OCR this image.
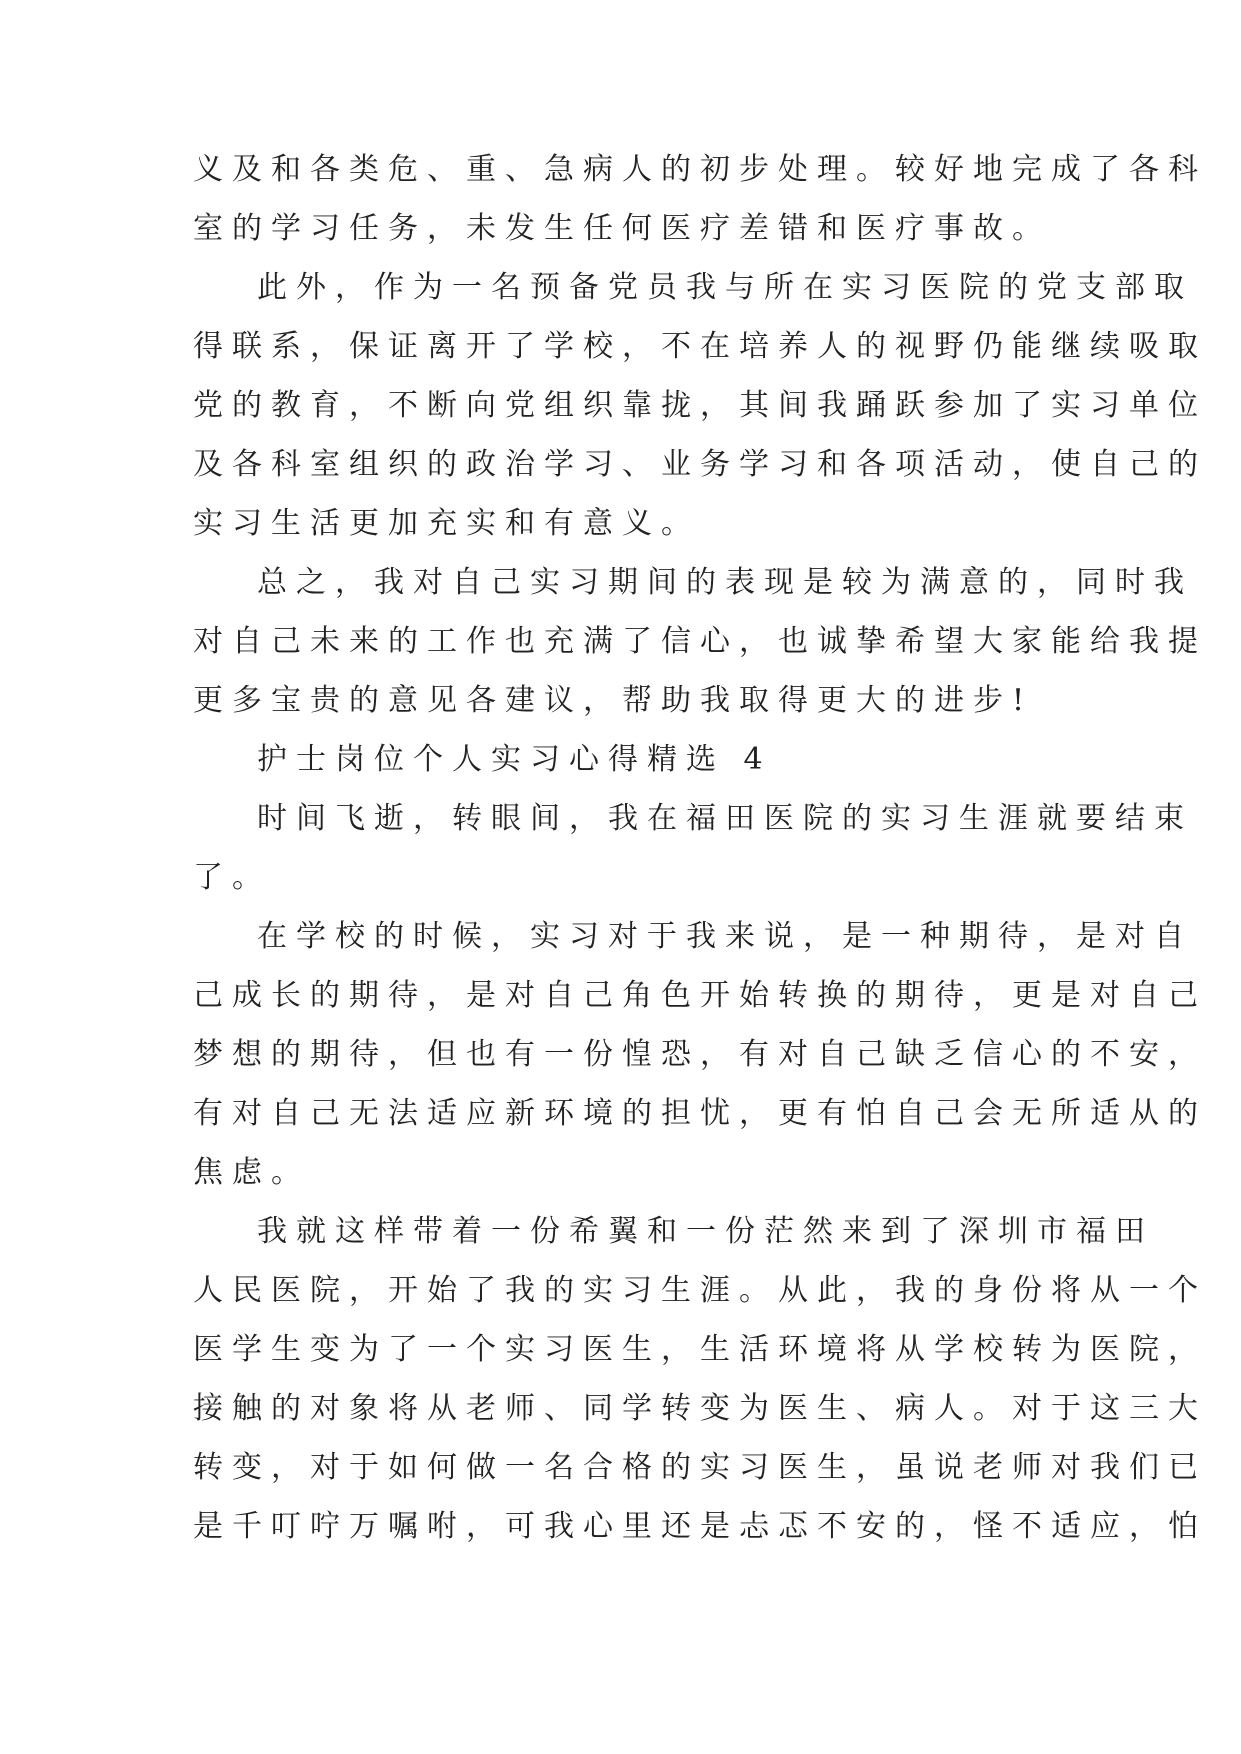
义及和各类危、重、急病人的初步处理。较好地完成了各科
室的学习任务，未发生任何医疗差错和医疗事故。
此外，作为一名预备党员我与所在实习医院的党支部取
得联系，保证离开了学校，不在培养人的视野仍能继续吸取
党的教育，不断向党组织靠拢，其间我踊跃参加了实习单位
及各科室组织的政治学习、业务学习和各项活动，使自己的
实习生活更加充实和有意义。
总之，我对自己实习期间的表现是较为满意的，同时我
对自己未来的工作也充满了信心，也诚挚希望大家能给我提
更多宝贵的意见各建议，帮助我取得更大的进步!
护士岗位个人实习心得精选 4
时间飞逝，转眼间，我在福田医院的实习生涯就要结束
了。
在学校的时候，实习对于我来说，是一种期待，是对自
己成长的期待，是对自己角色开始转换的期待，更是对自己
梦想的期待，但也有一份惶恐，有对自己缺乏信心的不安，
有对自己无法适应新环境的担忧，更有怕自己会无所适从的
焦虑。
我就这样带着一份希翼和一份茫然来到了深圳市福田
人民医院，开始了我的实习生涯。从此，我的身份将从一个
医学生变为了一个实习医生，生活环境将从学校转为医院，
接触的对象将从老师、同学转变为医生、病人。对于这三大
转变，对于如何做一名合格的实习医生，虽说老师对我们已
是千叮咛万嘱咐，可我心里还是忐忑不安的，怪不适应，怕
